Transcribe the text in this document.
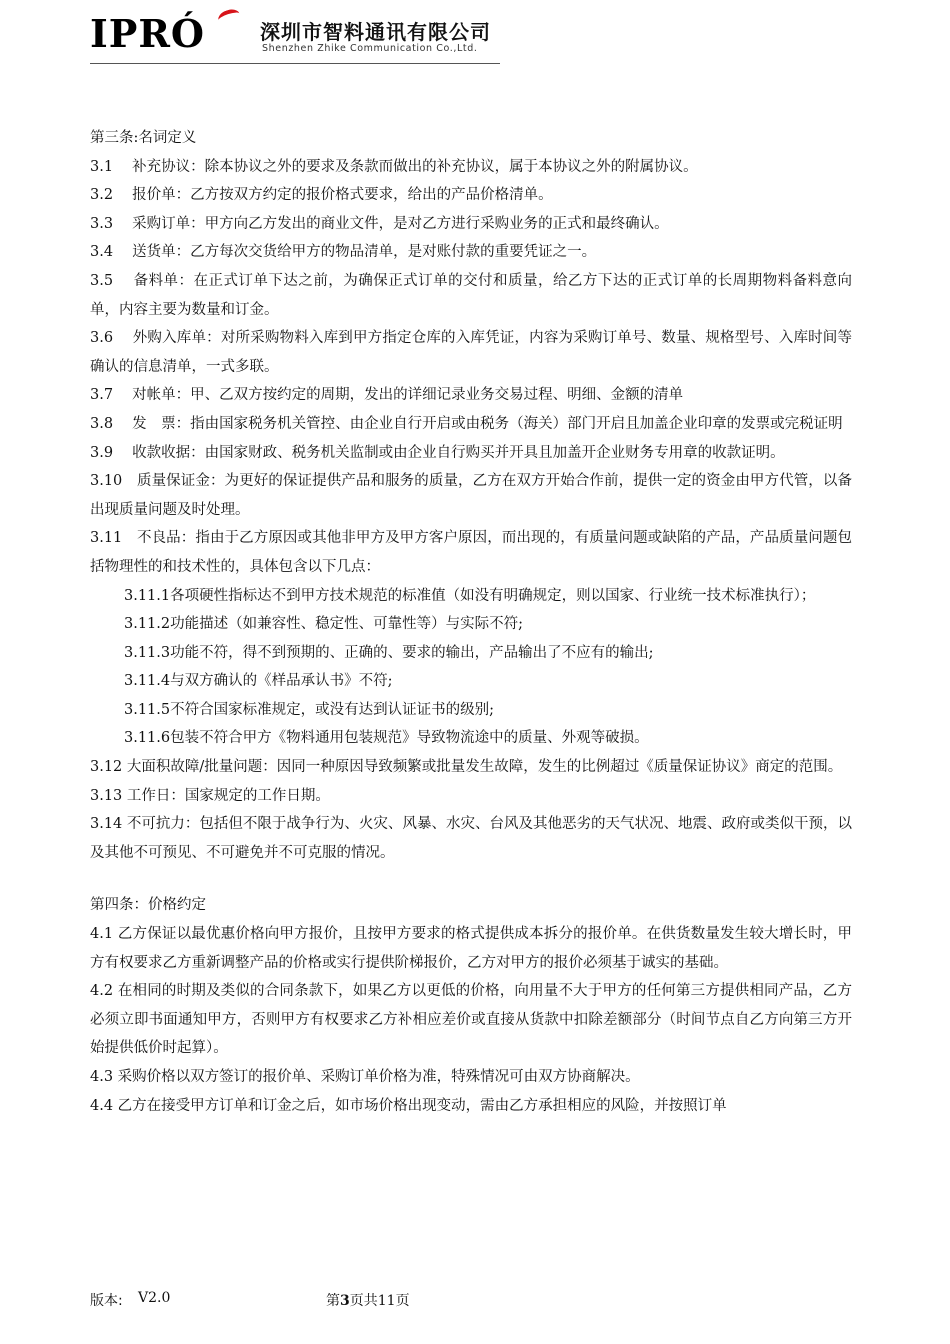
IPRÓ	深圳市智料通讯有限公司
Shenzhen Zhike Communication Co.,Ltd.

第三条:名词定义

3.1　 补充协议：除本协议之外的要求及条款而做出的补充协议，属于本协议之外的附属协议。

3.2　 报价单：乙方按双方约定的报价格式要求，给出的产品价格清单。

3.3　 采购订单：甲方向乙方发出的商业文件，是对乙方进行采购业务的正式和最终确认。

3.4　 送货单：乙方每次交货给甲方的物品清单，是对账付款的重要凭证之一。

3.5　 备料单：在正式订单下达之前，为确保正式订单的交付和质量，给乙方下达的正式订单的长周期物料备料意向单，内容主要为数量和订金。

3.6　 外购入库单：对所采购物料入库到甲方指定仓库的入库凭证，内容为采购订单号、数量、规格型号、入库时间等确认的信息清单，一式多联。

3.7　 对帐单：甲、乙双方按约定的周期，发出的详细记录业务交易过程、明细、金额的清单

3.8　 发　票：指由国家税务机关管控、由企业自行开启或由税务（海关）部门开启且加盖企业印章的发票或完税证明

3.9　 收款收据：由国家财政、税务机关监制或由企业自行购买并开具且加盖开企业财务专用章的收款证明。

3.10　质量保证金：为更好的保证提供产品和服务的质量，乙方在双方开始合作前，提供一定的资金由甲方代管，以备出现质量问题及时处理。

3.11　不良品：指由于乙方原因或其他非甲方及甲方客户原因，而出现的，有质量问题或缺陷的产品，产品质量问题包括物理性的和技术性的，具体包含以下几点：

3.11.1各项硬性指标达不到甲方技术规范的标准值（如没有明确规定，则以国家、行业统一技术标准执行）；

3.11.2功能描述（如兼容性、稳定性、可靠性等）与实际不符;

3.11.3功能不符，得不到预期的、正确的、要求的输出，产品输出了不应有的输出;

3.11.4与双方确认的《样品承认书》不符;

3.11.5不符合国家标准规定，或没有达到认证证书的级别;

3.11.6包装不符合甲方《物料通用包装规范》导致物流途中的质量、外观等破损。

3.12 大面积故障/批量问题：因同一种原因导致频繁或批量发生故障，发生的比例超过《质量保证协议》商定的范围。

3.13 工作日：国家规定的工作日期。

3.14 不可抗力：包括但不限于战争行为、火灾、风暴、水灾、台风及其他恶劣的天气状况、地震、政府或类似干预，以及其他不可预见、不可避免并不可克服的情况。

第四条：价格约定

4.1 乙方保证以最优惠价格向甲方报价，且按甲方要求的格式提供成本拆分的报价单。在供货数量发生较大增长时，甲方有权要求乙方重新调整产品的价格或实行提供阶梯报价，乙方对甲方的报价必须基于诚实的基础。

4.2 在相同的时期及类似的合同条款下，如果乙方以更低的价格，向用量不大于甲方的任何第三方提供相同产品，乙方必须立即书面通知甲方，否则甲方有权要求乙方补相应差价或直接从货款中扣除差额部分（时间节点自乙方向第三方开始提供低价时起算）。

4.3 采购价格以双方签订的报价单、采购订单价格为准，特殊情况可由双方协商解决。

4.4 乙方在接受甲方订单和订金之后，如市场价格出现变动，需由乙方承担相应的风险，并按照订单

版本: V2.0	第3页共11页
